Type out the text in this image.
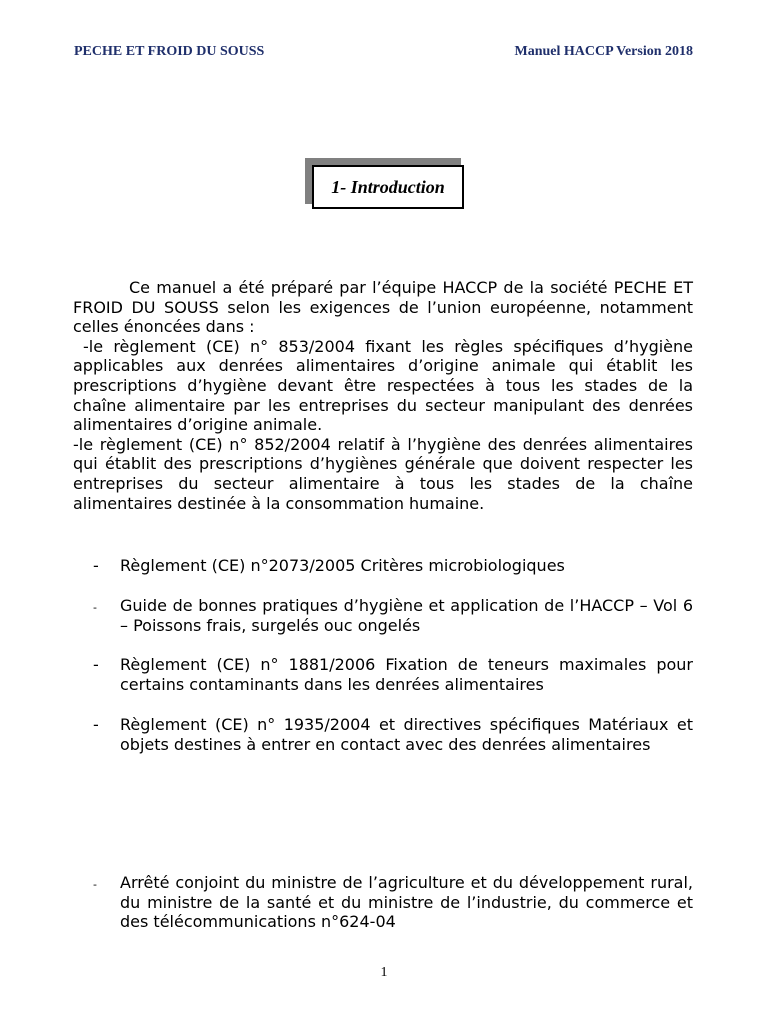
PECHE ET FROID DU SOUSS	Manuel HACCP Version 2018
1- Introduction

Ce manuel a été préparé par l’équipe HACCP de la société PECHE ET FROID DU SOUSS selon les exigences de l’union européenne, notamment celles énoncées dans :

-le règlement (CE) n° 853/2004 fixant les règles spécifiques d’hygiène applicables aux denrées alimentaires d’origine animale qui établit les prescriptions d’hygiène devant être respectées à tous les stades de la chaîne alimentaire par les entreprises du secteur manipulant des denrées alimentaires d’origine animale.

-le règlement (CE) n° 852/2004 relatif à l’hygiène des denrées alimentaires qui établit des prescriptions d’hygiènes générale que doivent respecter les entreprises du secteur alimentaire à tous les stades de la chaîne alimentaires destinée à la consommation humaine.

-	Règlement (CE) n°2073/2005 Critères microbiologiques
-	Guide de bonnes pratiques d’hygiène et application de l’HACCP – Vol 6 – Poissons frais, surgelés ouc ongelés
-	Règlement (CE) n° 1881/2006 Fixation de teneurs maximales pour certains contaminants dans les denrées alimentaires
-	Règlement (CE) n° 1935/2004 et directives spécifiques Matériaux et objets destines à entrer en contact avec des denrées alimentaires
-	Arrêté conjoint du ministre de l’agriculture et du développement rural, du ministre de la santé et du ministre de l’industrie, du commerce et des télécommunications n°624-04
1
